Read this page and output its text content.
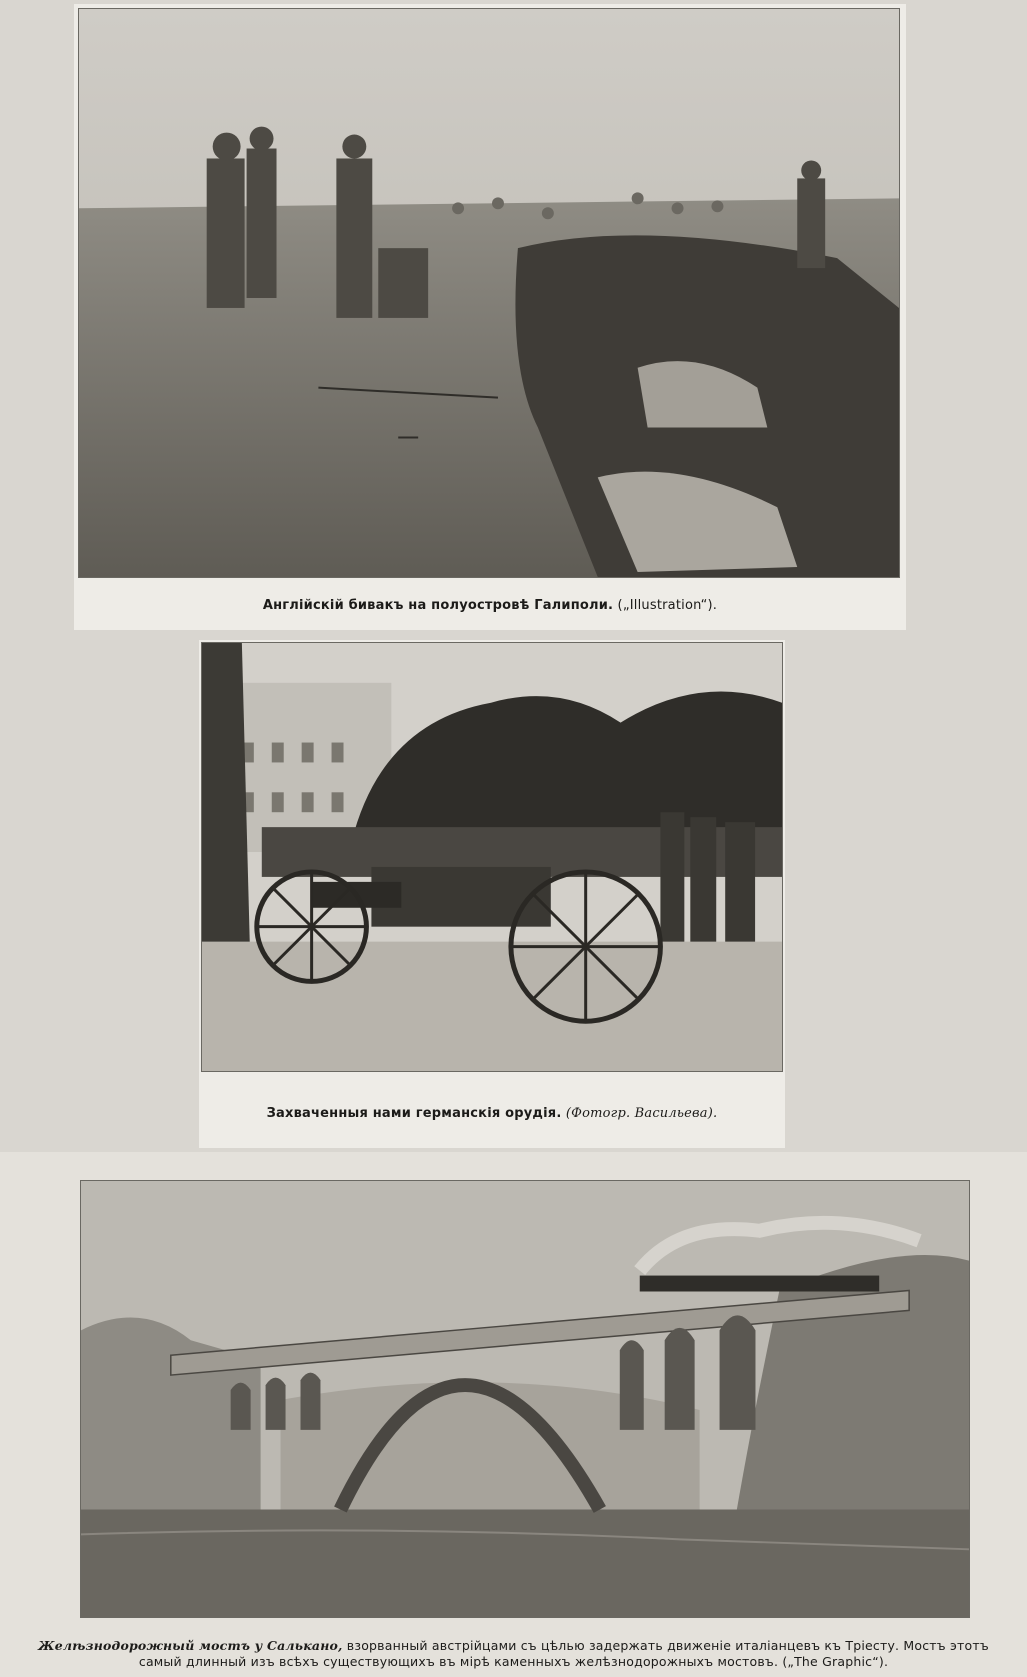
Англійскій бивакъ на полуостровѣ Галиполи. („Illustration“).
Захваченныя нами германскія орудія. (Фотогр. Васильева).
Желѣзнодорожный мостъ у Салькано, взорванный австрійцами съ цѣлью задержать движеніе италіанцевъ къ Тріесту. Мостъ этотъ самый длинный изъ всѣхъ существующихъ въ мірѣ каменныхъ желѣзнодорожныхъ мостовъ. („The Graphic“).
